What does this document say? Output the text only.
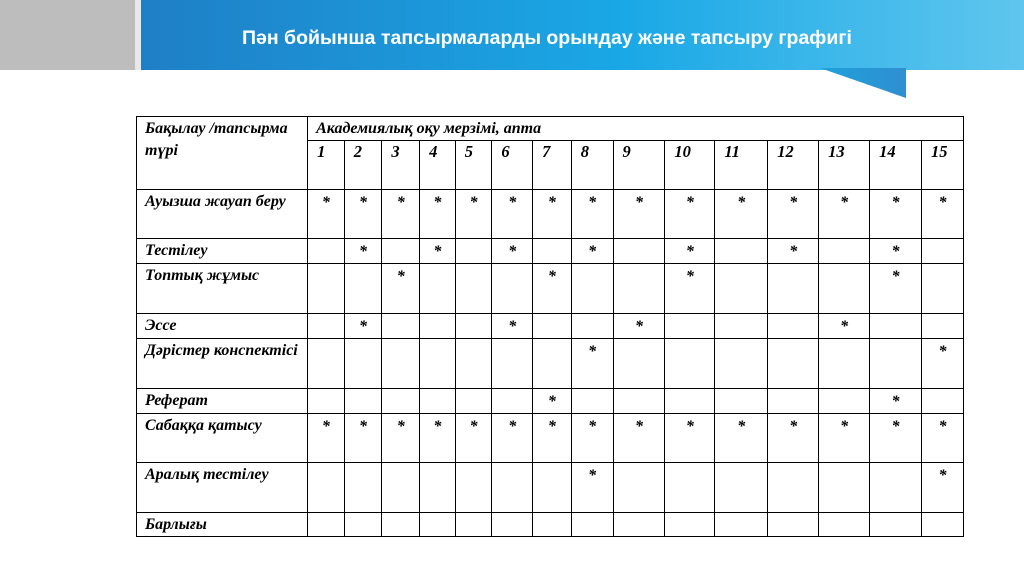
Пән бойынша тапсырмаларды орындау және тапсыру графигі
Бақылау /тапсырма түрі	Академиялық оқу мерзімі, апта														
	1	2	3	4	5	6	7	8	9	10	11	12	13	14	15
Ауызша жауап беру	*	*	*	*	*	*	*	*	*	*	*	*	*	*	*
Тестілеу		*		*		*		*		*		*		*	
Топтық жұмыс			*				*			*				*	
Эссе		*				*			*				*		
Дәрістер конспектісі								*							*
Реферат							*							*	
Сабаққа қатысу	*	*	*	*	*	*	*	*	*	*	*	*	*	*	*
Аралық тестілеу								*							*
Барлығы															
